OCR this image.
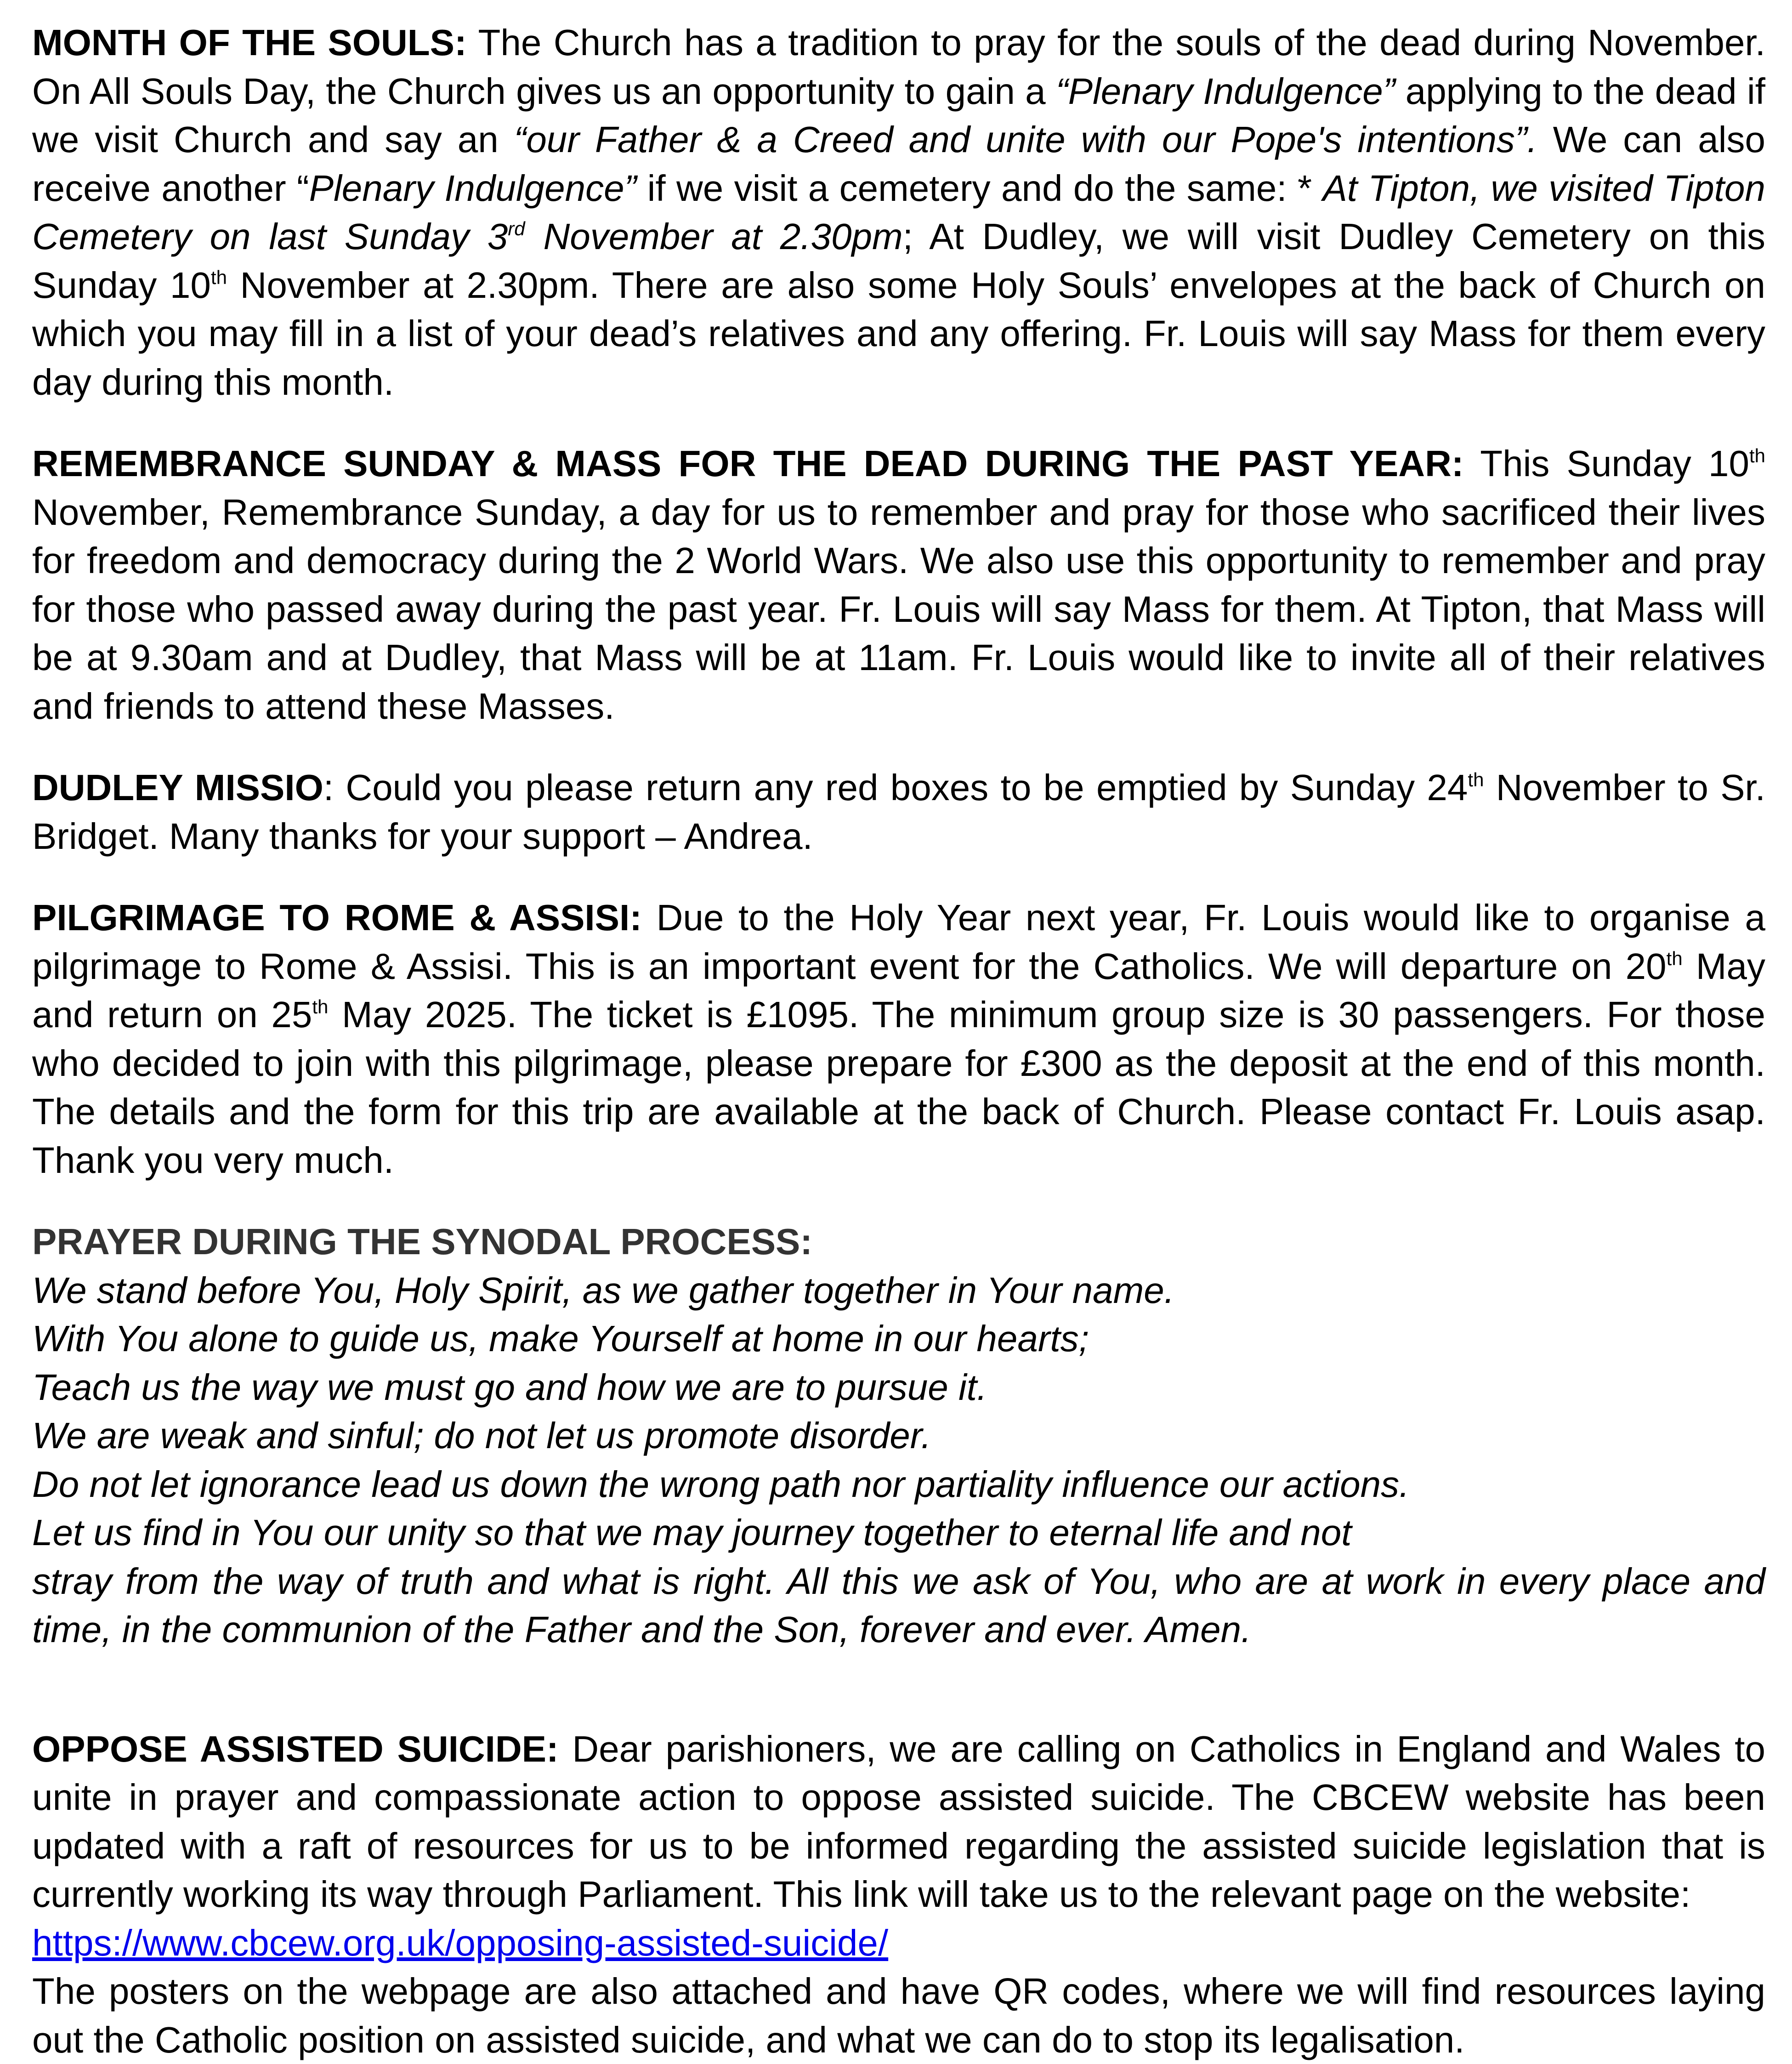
MONTH OF THE SOULS: The Church has a tradition to pray for the souls of the dead during November. On All Souls Day, the Church gives us an opportunity to gain a “Plenary Indulgence” applying to the dead if we visit Church and say an “our Father & a Creed and unite with our Pope's intentions”. We can also receive another “Plenary Indulgence” if we visit a cemetery and do the same: * At Tipton, we visited Tipton Cemetery on last Sunday 3rd November at 2.30pm; At Dudley, we will visit Dudley Cemetery on this Sunday 10th November at 2.30pm. There are also some Holy Souls’ envelopes at the back of Church on which you may fill in a list of your dead’s relatives and any offering. Fr. Louis will say Mass for them every day during this month.

REMEMBRANCE SUNDAY & MASS FOR THE DEAD DURING THE PAST YEAR: This Sunday 10th November, Remembrance Sunday, a day for us to remember and pray for those who sacrificed their lives for freedom and democracy during the 2 World Wars. We also use this opportunity to remember and pray for those who passed away during the past year. Fr. Louis will say Mass for them. At Tipton, that Mass will be at 9.30am and at Dudley, that Mass will be at 11am. Fr. Louis would like to invite all of their relatives and friends to attend these Masses.

DUDLEY MISSIO: Could you please return any red boxes to be emptied by Sunday 24th November to Sr. Bridget. Many thanks for your support – Andrea.

PILGRIMAGE TO ROME & ASSISI: Due to the Holy Year next year, Fr. Louis would like to organise a pilgrimage to Rome & Assisi. This is an important event for the Catholics. We will departure on 20th May and return on 25th May 2025. The ticket is £1095. The minimum group size is 30 passengers. For those who decided to join with this pilgrimage, please prepare for £300 as the deposit at the end of this month. The details and the form for this trip are available at the back of Church. Please contact Fr. Louis asap. Thank you very much.

PRAYER DURING THE SYNODAL PROCESS:

We stand before You, Holy Spirit, as we gather together in Your name.
With You alone to guide us, make Yourself at home in our hearts;
Teach us the way we must go and how we are to pursue it.
We are weak and sinful; do not let us promote disorder.
Do not let ignorance lead us down the wrong path nor partiality influence our actions.
Let us find in You our unity so that we may journey together to eternal life and not

stray from the way of truth and what is right. All this we ask of You, who are at work in every place and time, in the communion of the Father and the Son, forever and ever. Amen.

OPPOSE ASSISTED SUICIDE: Dear parishioners, we are calling on Catholics in England and Wales to unite in prayer and compassionate action to oppose assisted suicide. The CBCEW website has been updated with a raft of resources for us to be informed regarding the assisted suicide legislation that is currently working its way through Parliament. This link will take us to the relevant page on the website:

https://www.cbcew.org.uk/opposing-assisted-suicide/

The posters on the webpage are also attached and have QR codes, where we will find resources laying out the Catholic position on assisted suicide, and what we can do to stop its legalisation.
